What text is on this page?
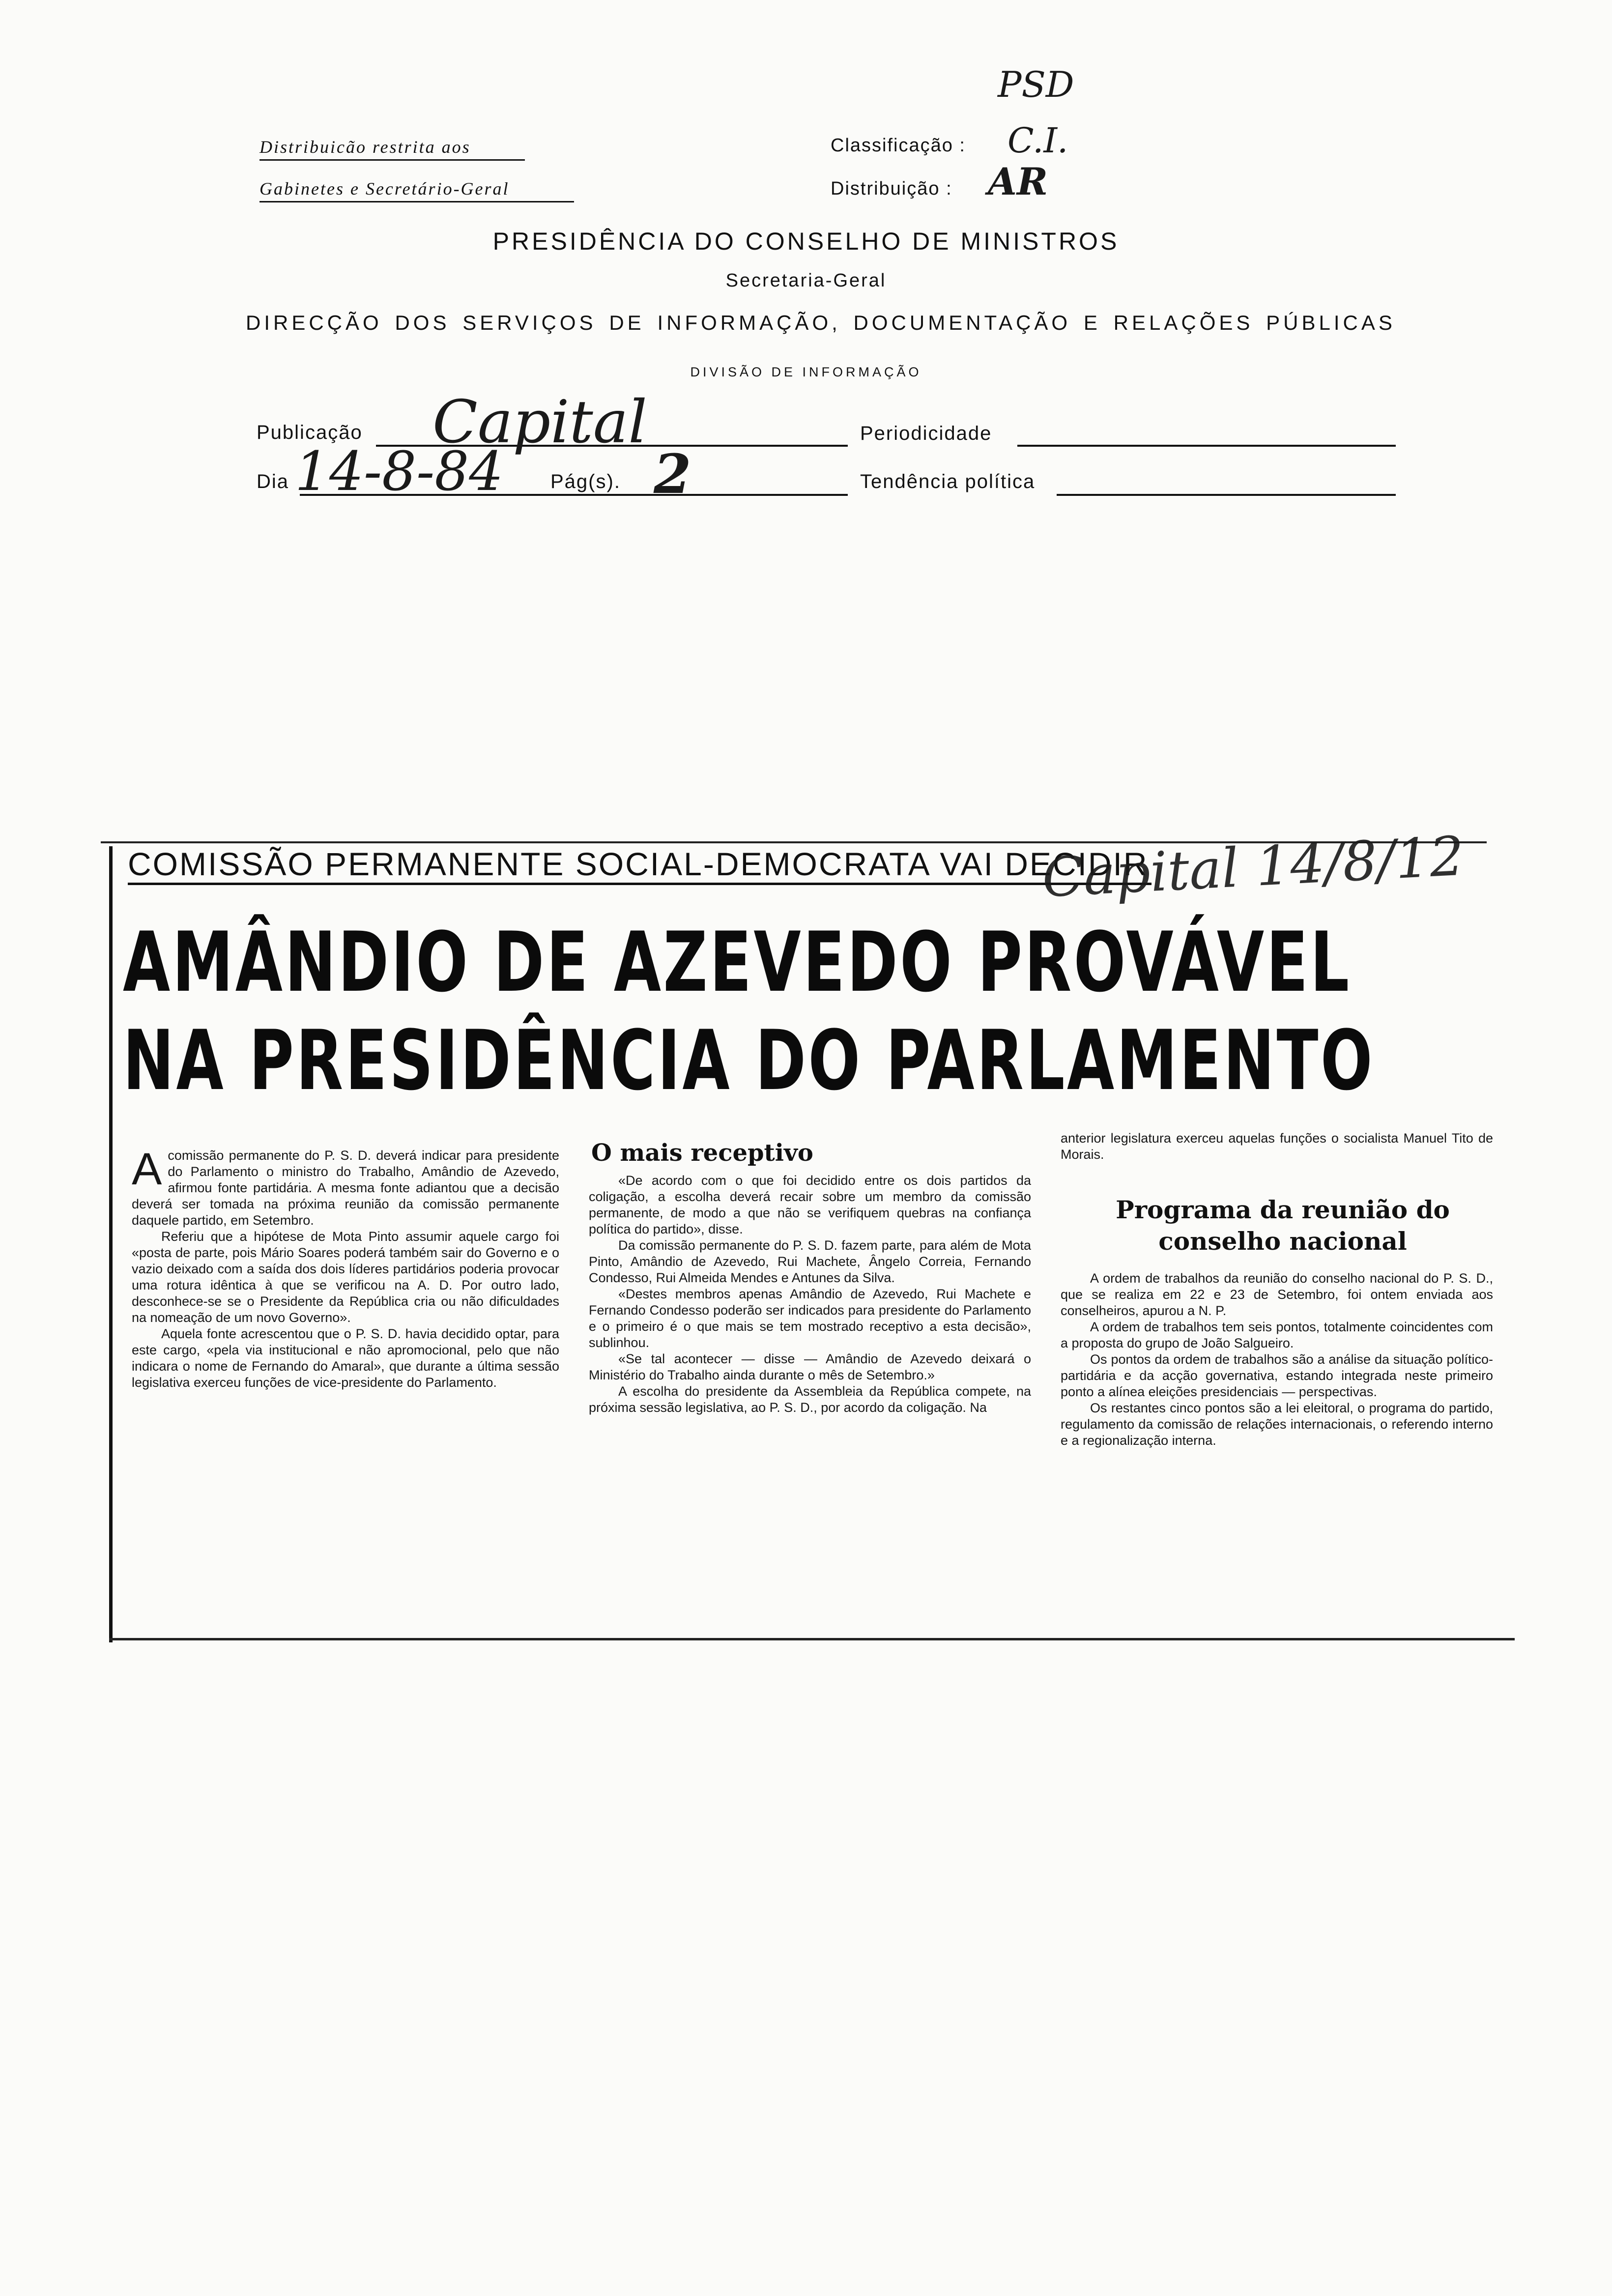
Distribuicão restrita aos
Gabinetes e Secretário-Geral
PSD
Classificação : C.I.
Distribuição : AR
PRESIDÊNCIA DO CONSELHO DE MINISTROS
Secretaria-Geral
DIRECÇÃO DOS SERVIÇOS DE INFORMAÇÃO, DOCUMENTAÇÃO E RELAÇÕES PÚBLICAS
DIVISÃO DE INFORMAÇÃO
Publicação Capital	Periodicidade
Dia 14-8-84 Pág(s). 2	Tendência política
COMISSÃO PERMANENTE SOCIAL-DEMOCRATA VAI DECIDIR
Capital 14/8/12
AMÂNDIO DE AZEVEDO PROVÁVEL
NA PRESIDÊNCIA DO PARLAMENTO

Acomissão permanente do P. S. D. deverá indicar para presidente do Parlamento o ministro do Trabalho, Amândio de Azevedo, afirmou fonte partidária. A mesma fonte adiantou que a decisão deverá ser tomada na próxima reunião da comissão permanente daquele partido, em Setembro.

Referiu que a hipótese de Mota Pinto assumir aquele cargo foi «posta de parte, pois Mário Soares poderá também sair do Governo e o vazio deixado com a saída dos dois líderes partidários poderia provocar uma rotura idêntica à que se verificou na A. D. Por outro lado, desconhece-se se o Presidente da República cria ou não dificuldades na nomeação de um novo Governo».

Aquela fonte acrescentou que o P. S. D. havia decidido optar, para este cargo, «pela via institucional e não apromocional, pelo que não indicara o nome de Fernando do Amaral», que durante a última sessão legislativa exerceu funções de vice-presidente do Parlamento.

O mais receptivo

«De acordo com o que foi decidido entre os dois partidos da coligação, a escolha deverá recair sobre um membro da comissão permanente, de modo a que não se verifiquem quebras na confiança política do partido», disse.

Da comissão permanente do P. S. D. fazem parte, para além de Mota Pinto, Amândio de Azevedo, Rui Machete, Ângelo Correia, Fernando Condesso, Rui Almeida Mendes e Antunes da Silva.

«Destes membros apenas Amândio de Azevedo, Rui Machete e Fernando Condesso poderão ser indicados para presidente do Parlamento e o primeiro é o que mais se tem mostrado receptivo a esta decisão», sublinhou.

«Se tal acontecer — disse — Amândio de Azevedo deixará o Ministério do Trabalho ainda durante o mês de Setembro.»

A escolha do presidente da Assembleia da República compete, na próxima sessão legislativa, ao P. S. D., por acordo da coligação. Na

anterior legislatura exerceu aquelas funções o socialista Manuel Tito de Morais.

Programa da reunião do conselho nacional

A ordem de trabalhos da reunião do conselho nacional do P. S. D., que se realiza em 22 e 23 de Setembro, foi ontem enviada aos conselheiros, apurou a N. P.

A ordem de trabalhos tem seis pontos, totalmente coincidentes com a proposta do grupo de João Salgueiro.

Os pontos da ordem de trabalhos são a análise da situação político-partidária e da acção governativa, estando integrada neste primeiro ponto a alínea eleições presidenciais — perspectivas.

Os restantes cinco pontos são a lei eleitoral, o programa do partido, regulamento da comissão de relações internacionais, o referendo interno e a regionalização interna.
